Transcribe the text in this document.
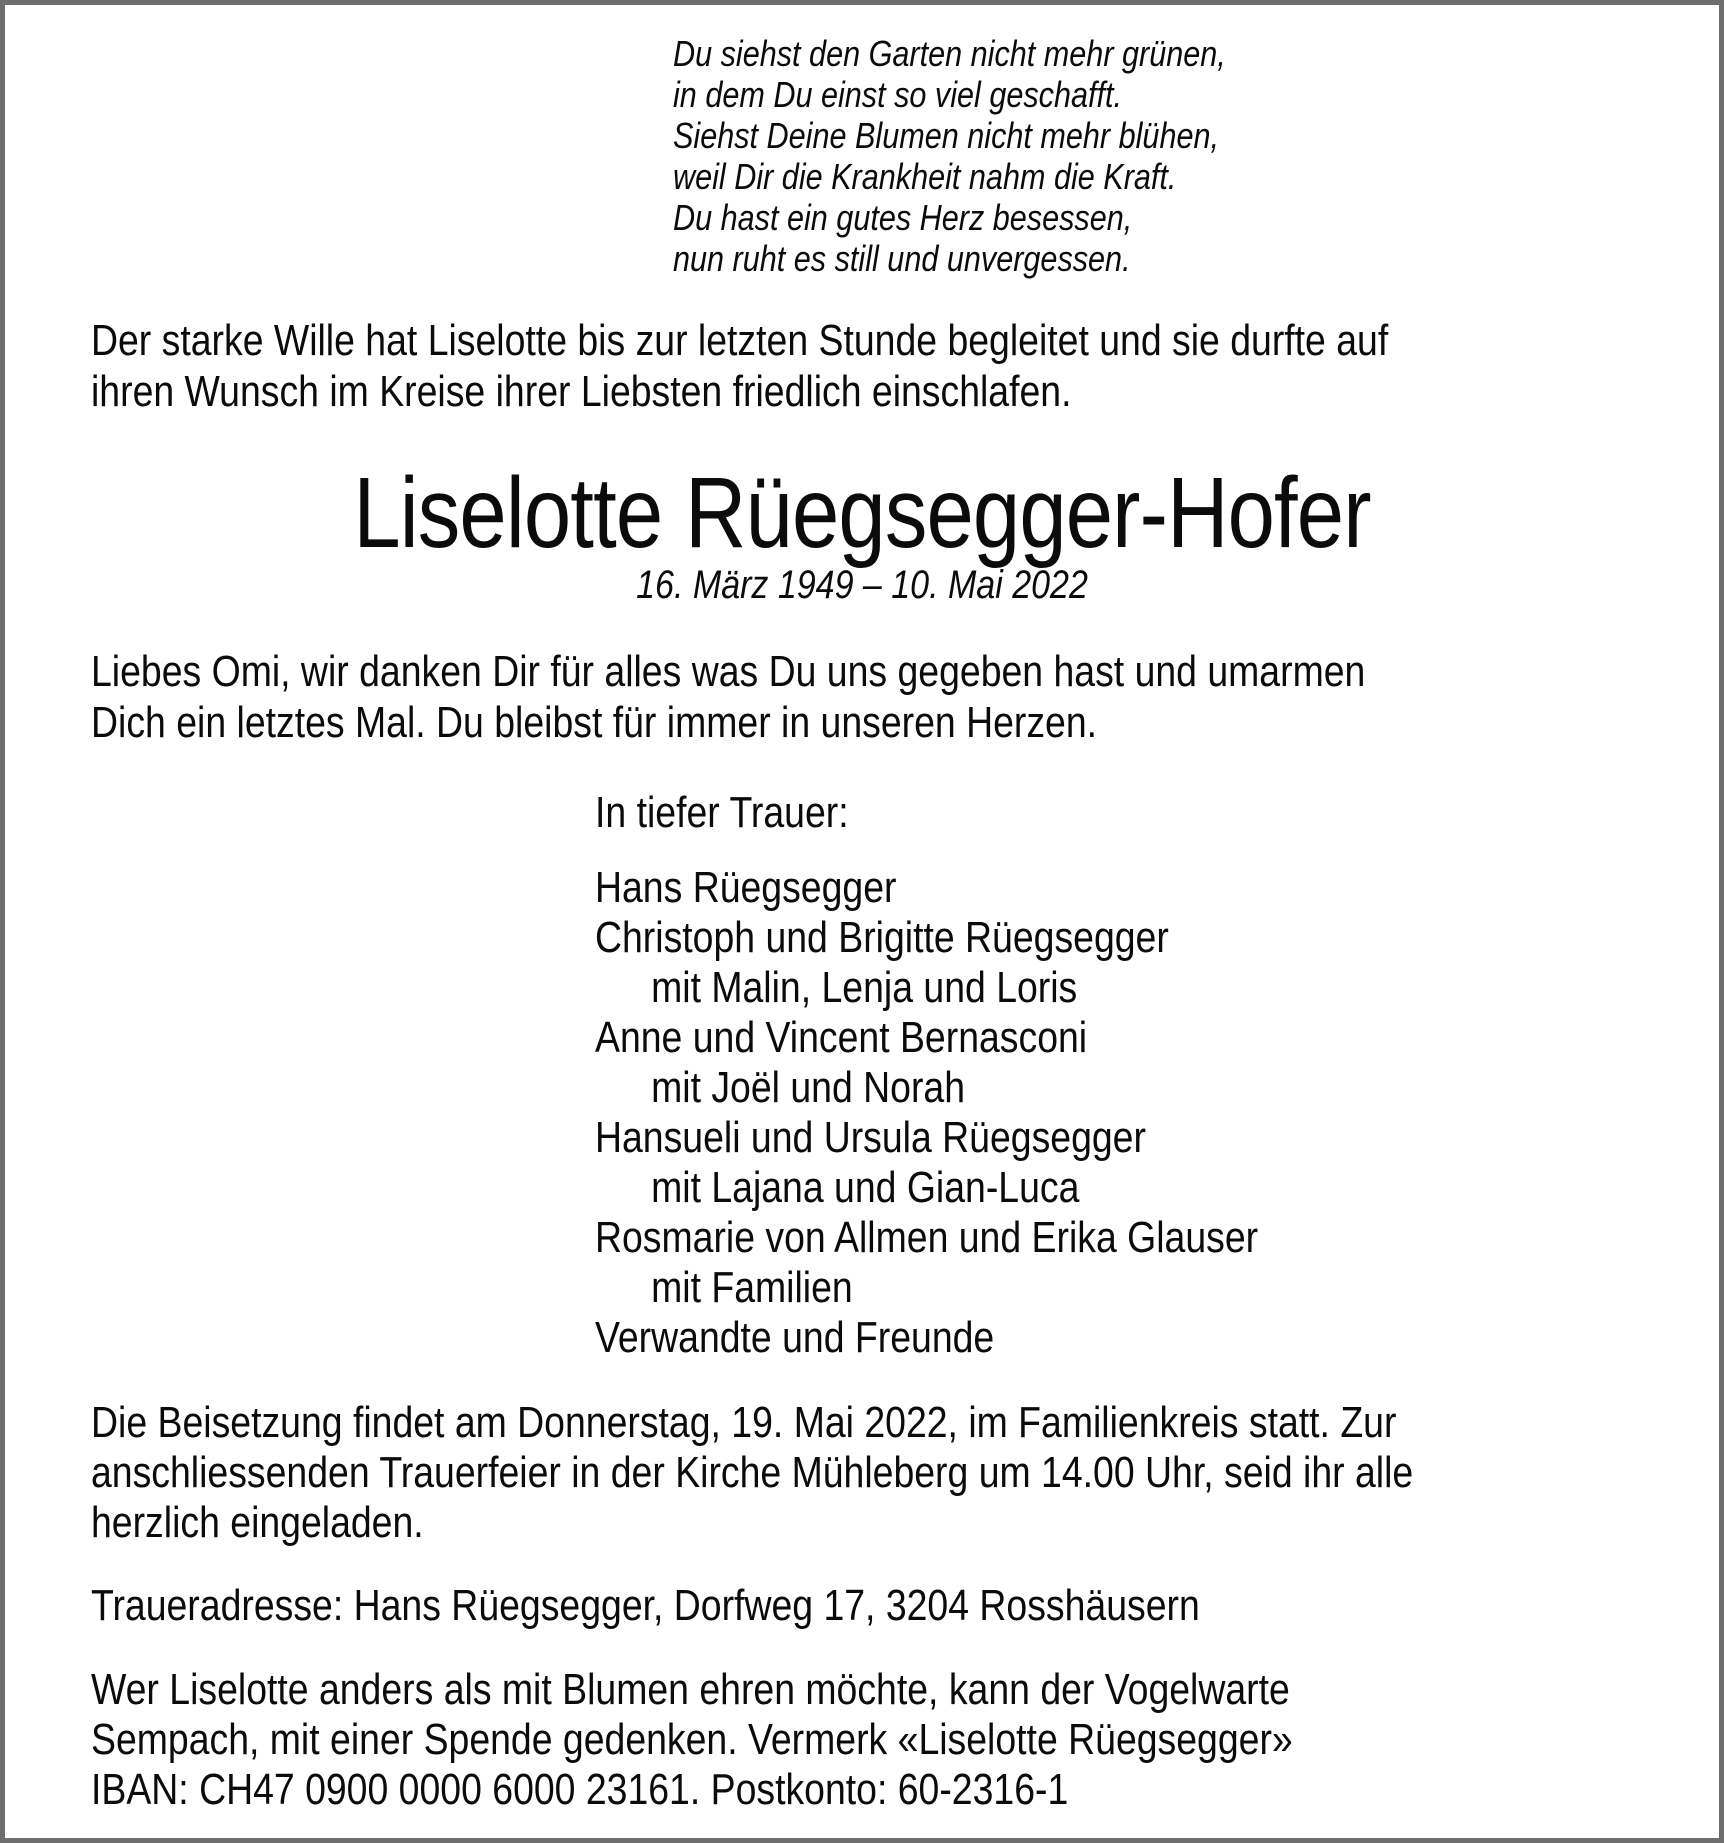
Du siehst den Garten nicht mehr grünen,
in dem Du einst so viel geschafft.
Siehst Deine Blumen nicht mehr blühen,
weil Dir die Krankheit nahm die Kraft.
Du hast ein gutes Herz besessen,
nun ruht es still und unvergessen.
Der starke Wille hat Liselotte bis zur letzten Stunde begleitet und sie durfte auf
ihren Wunsch im Kreise ihrer Liebsten friedlich einschlafen.
Liselotte Rüegsegger-Hofer
16. März 1949 – 10. Mai 2022
Liebes Omi, wir danken Dir für alles was Du uns gegeben hast und umarmen
Dich ein letztes Mal. Du bleibst für immer in unseren Herzen.
In tiefer Trauer:
Hans Rüegsegger
Christoph und Brigitte Rüegsegger
mit Malin, Lenja und Loris
Anne und Vincent Bernasconi
mit Joël und Norah
Hansueli und Ursula Rüegsegger
mit Lajana und Gian-Luca
Rosmarie von Allmen und Erika Glauser
mit Familien
Verwandte und Freunde
Die Beisetzung findet am Donnerstag, 19. Mai 2022, im Familienkreis statt. Zur
anschliessenden Trauerfeier in der Kirche Mühleberg um 14.00 Uhr, seid ihr alle
herzlich eingeladen.
Traueradresse: Hans Rüegsegger, Dorfweg 17, 3204 Rosshäusern
Wer Liselotte anders als mit Blumen ehren möchte, kann der Vogelwarte
Sempach, mit einer Spende gedenken. Vermerk «Liselotte Rüegsegger»
IBAN: CH47 0900 0000 6000 23161. Postkonto: 60-2316-1
